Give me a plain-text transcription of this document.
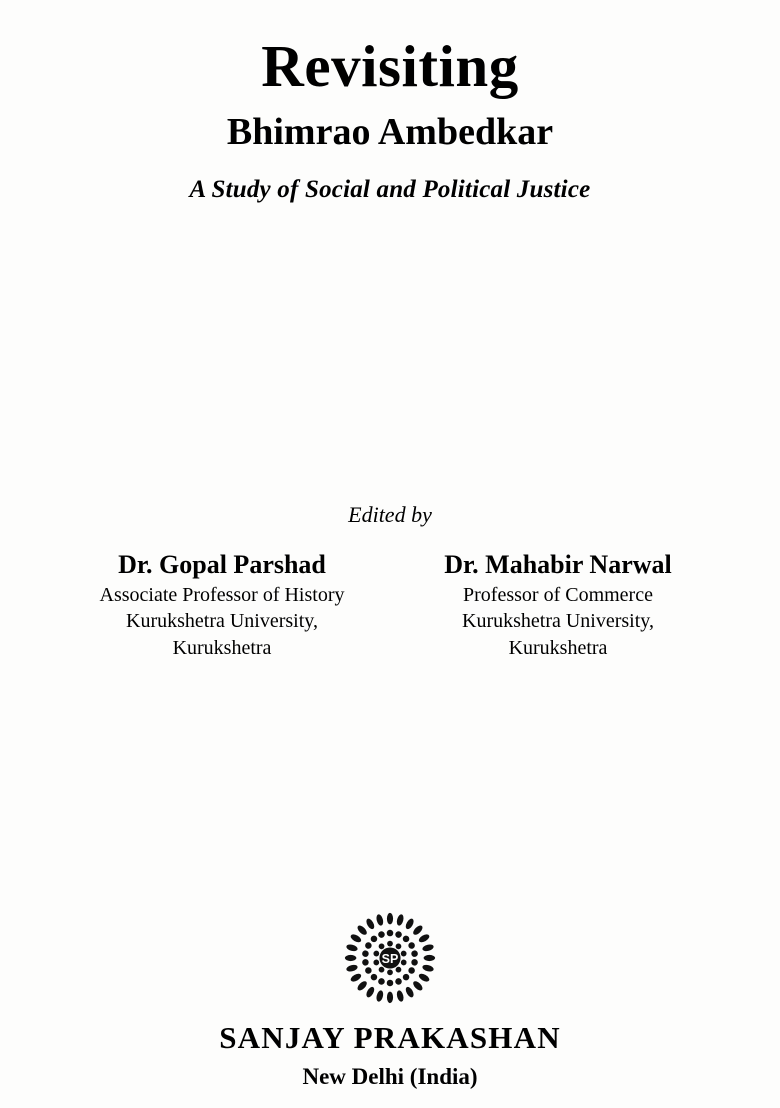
Revisiting
Bhimrao Ambedkar
A Study of Social and Political Justice
Edited by

Dr. Gopal Parshad

Associate Professor of History

Kurukshetra University,

Kurukshetra

Dr. Mahabir Narwal

Professor of Commerce

Kurukshetra University,

Kurukshetra

SP

SANJAY PRAKASHAN

New Delhi (India)
